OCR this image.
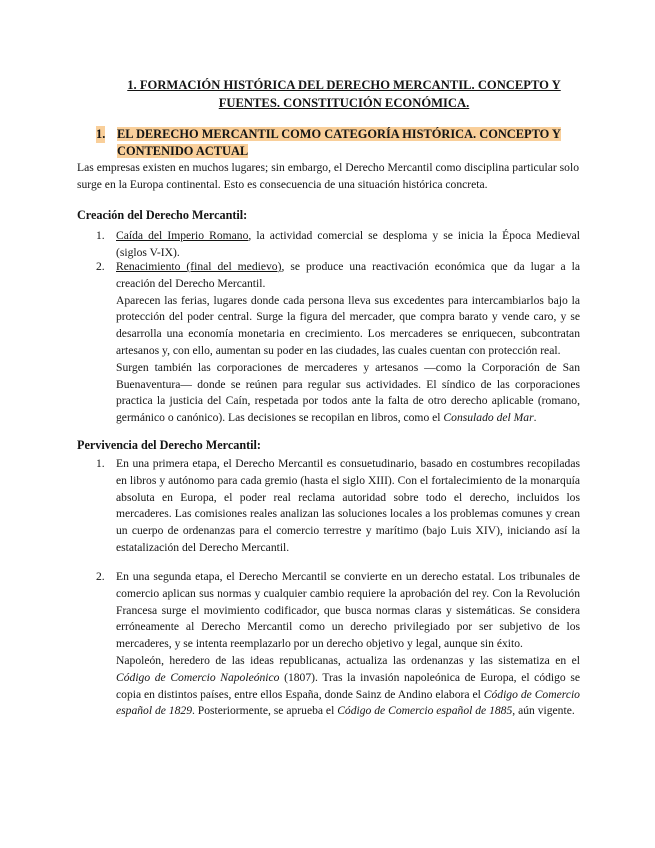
1. FORMACIÓN HISTÓRICA DEL DERECHO MERCANTIL. CONCEPTO Y
FUENTES. CONSTITUCIÓN ECONÓMICA.
1. EL DERECHO MERCANTIL COMO CATEGORÍA HISTÓRICA. CONCEPTO Y
CONTENIDO ACTUAL
Las empresas existen en muchos lugares; sin embargo, el Derecho Mercantil como disciplina particular solo surge en la Europa continental. Esto es consecuencia de una situación histórica concreta.
Creación del Derecho Mercantil:
1. Caída del Imperio Romano, la actividad comercial se desploma y se inicia la Época Medieval (siglos V-IX).

2. Renacimiento (final del medievo), se produce una reactivación económica que da lugar a la creación del Derecho Mercantil.

Aparecen las ferias, lugares donde cada persona lleva sus excedentes para intercambiarlos bajo la protección del poder central. Surge la figura del mercader, que compra barato y vende caro, y se desarrolla una economía monetaria en crecimiento. Los mercaderes se enriquecen, subcontratan artesanos y, con ello, aumentan su poder en las ciudades, las cuales cuentan con protección real.

Surgen también las corporaciones de mercaderes y artesanos —como la Corporación de San Buenaventura— donde se reúnen para regular sus actividades. El síndico de las corporaciones practica la justicia del Caín, respetada por todos ante la falta de otro derecho aplicable (romano, germánico o canónico). Las decisiones se recopilan en libros, como el Consulado del Mar.

Pervivencia del Derecho Mercantil:
1. En una primera etapa, el Derecho Mercantil es consuetudinario, basado en costumbres recopiladas en libros y autónomo para cada gremio (hasta el siglo XIII). Con el fortalecimiento de la monarquía absoluta en Europa, el poder real reclama autoridad sobre todo el derecho, incluidos los mercaderes. Las comisiones reales analizan las soluciones locales a los problemas comunes y crean un cuerpo de ordenanzas para el comercio terrestre y marítimo (bajo Luis XIV), iniciando así la estatalización del Derecho Mercantil.

2. En una segunda etapa, el Derecho Mercantil se convierte en un derecho estatal. Los tribunales de comercio aplican sus normas y cualquier cambio requiere la aprobación del rey. Con la Revolución Francesa surge el movimiento codificador, que busca normas claras y sistemáticas. Se considera erróneamente al Derecho Mercantil como un derecho privilegiado por ser subjetivo de los mercaderes, y se intenta reemplazarlo por un derecho objetivo y legal, aunque sin éxito.

Napoleón, heredero de las ideas republicanas, actualiza las ordenanzas y las sistematiza en el Código de Comercio Napoleónico (1807). Tras la invasión napoleónica de Europa, el código se copia en distintos países, entre ellos España, donde Sainz de Andino elabora el Código de Comercio español de 1829. Posteriormente, se aprueba el Código de Comercio español de 1885, aún vigente.
